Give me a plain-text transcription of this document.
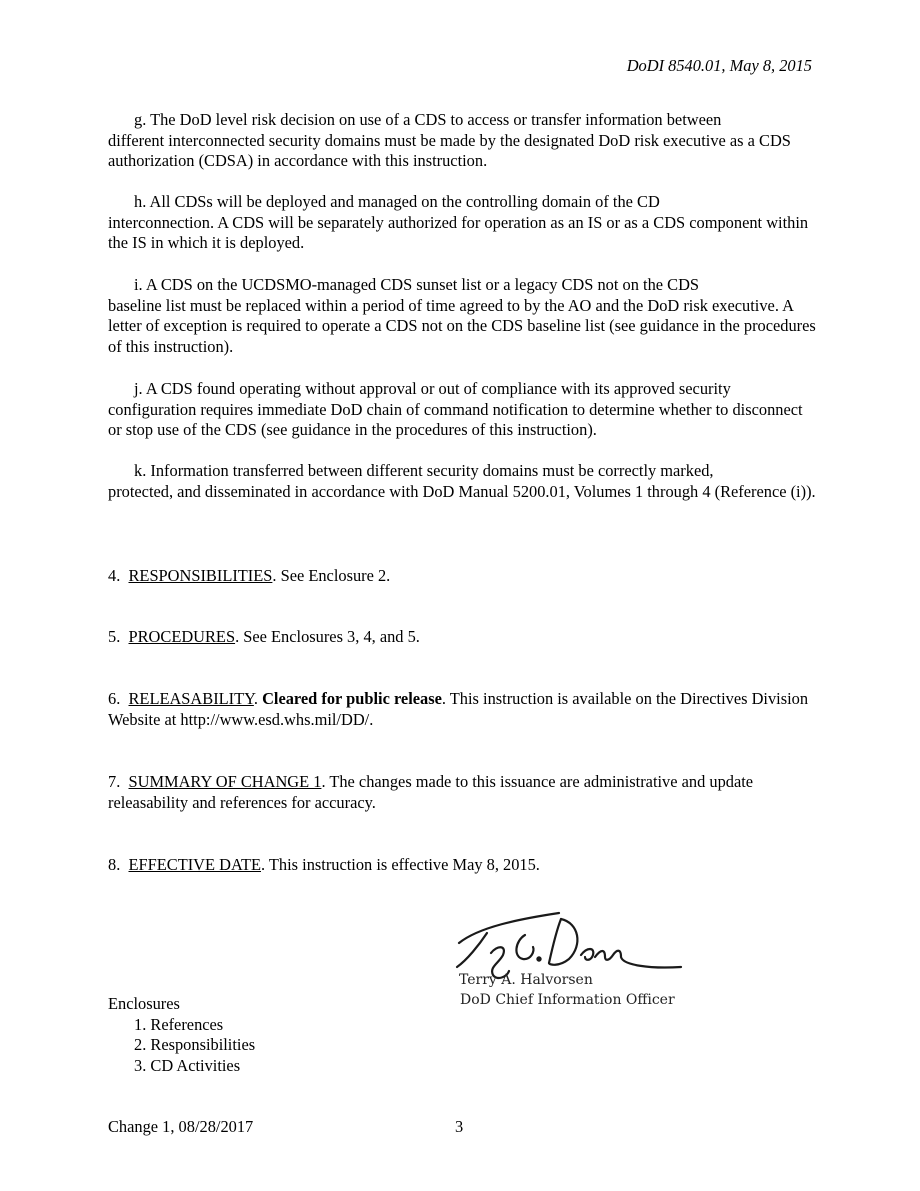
DoDI 8540.01, May 8, 2015

g. The DoD level risk decision on use of a CDS to access or transfer information between

different interconnected security domains must be made by the designated DoD risk executive as a CDS authorization (CDSA) in accordance with this instruction.

h. All CDSs will be deployed and managed on the controlling domain of the CD

interconnection. A CDS will be separately authorized for operation as an IS or as a CDS component within the IS in which it is deployed.

i. A CDS on the UCDSMO-managed CDS sunset list or a legacy CDS not on the CDS

baseline list must be replaced within a period of time agreed to by the AO and the DoD risk executive. A letter of exception is required to operate a CDS not on the CDS baseline list (see guidance in the procedures of this instruction).

j. A CDS found operating without approval or out of compliance with its approved security

configuration requires immediate DoD chain of command notification to determine whether to disconnect or stop use of the CDS (see guidance in the procedures of this instruction).

k. Information transferred between different security domains must be correctly marked,

protected, and disseminated in accordance with DoD Manual 5200.01, Volumes 1 through 4 (Reference (i)).

4. RESPONSIBILITIES. See Enclosure 2.
5. PROCEDURES. See Enclosures 3, 4, and 5.
6. RELEASABILITY. Cleared for public release. This instruction is available on the Directives Division Website at http://www.esd.whs.mil/DD/.
7. SUMMARY OF CHANGE 1. The changes made to this issuance are administrative and update releasability and references for accuracy.
8. EFFECTIVE DATE. This instruction is effective May 8, 2015.
Terry A. Halvorsen
DoD Chief Information Officer
Enclosures
1. References
2. Responsibilities
3. CD Activities
Change 1, 08/28/2017	3
